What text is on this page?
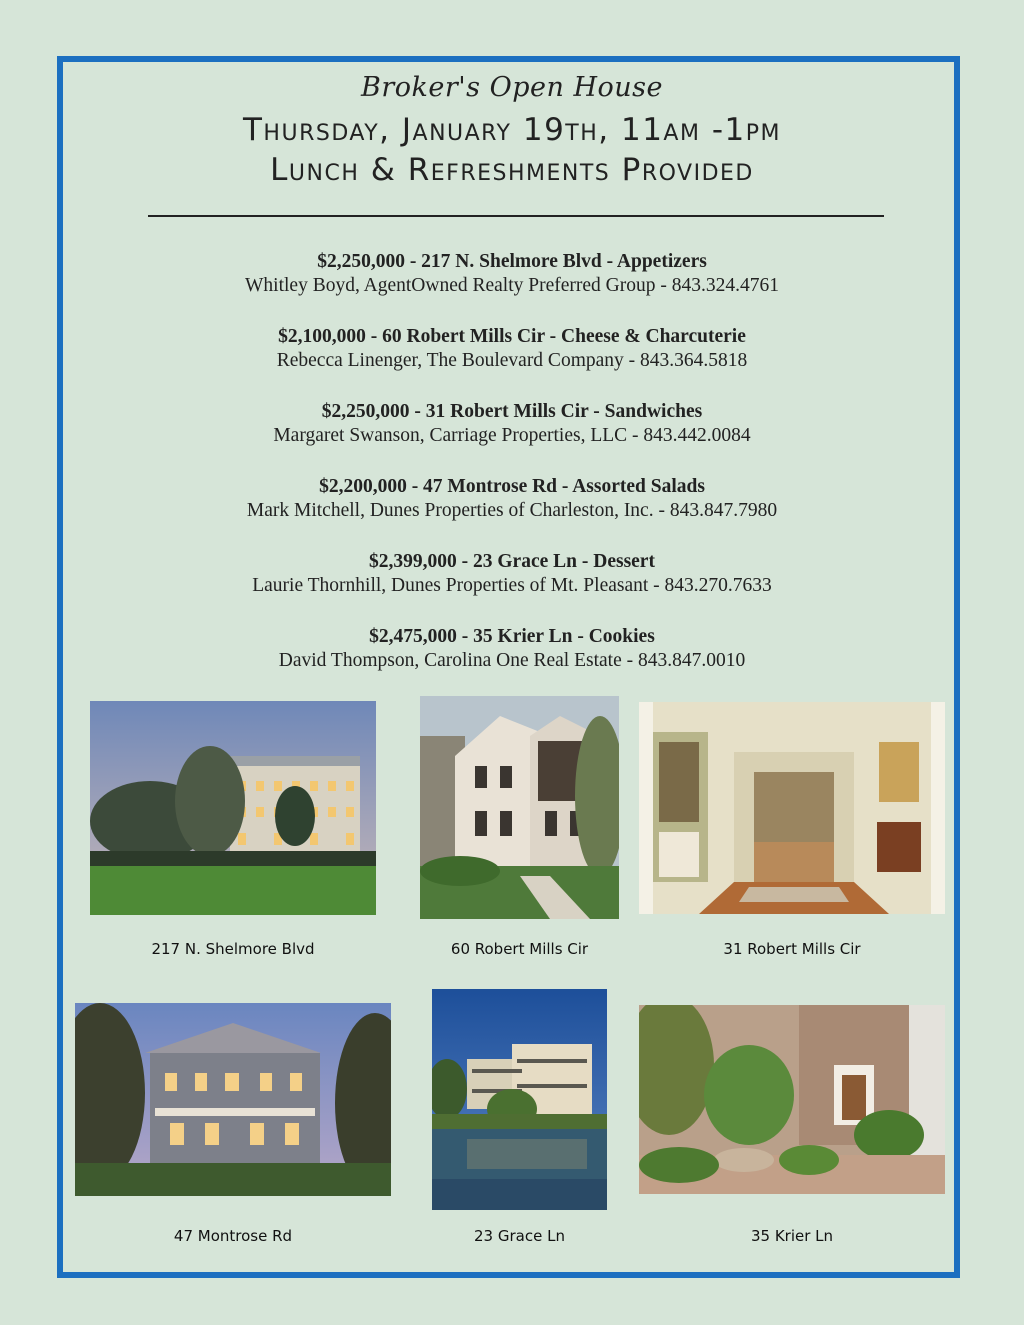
Broker's Open House
Thursday, January 19th, 11am -1pm
Lunch & Refreshments Provided
$2,250,000 - 217 N. Shelmore Blvd - Appetizers
Whitley Boyd, AgentOwned Realty Preferred Group - 843.324.4761
$2,100,000 - 60 Robert Mills Cir - Cheese & Charcuterie
Rebecca Linenger, The Boulevard Company - 843.364.5818
$2,250,000 - 31 Robert Mills Cir - Sandwiches
Margaret Swanson, Carriage Properties, LLC - 843.442.0084
$2,200,000 - 47 Montrose Rd - Assorted Salads
Mark Mitchell, Dunes Properties of Charleston, Inc. - 843.847.7980
$2,399,000 - 23 Grace Ln - Dessert
Laurie Thornhill, Dunes Properties of Mt. Pleasant - 843.270.7633
$2,475,000 - 35 Krier Ln - Cookies
David Thompson, Carolina One Real Estate - 843.847.0010
217 N. Shelmore Blvd	60 Robert Mills Cir	31 Robert Mills Cir
47 Montrose Rd	23 Grace Ln	35 Krier Ln
